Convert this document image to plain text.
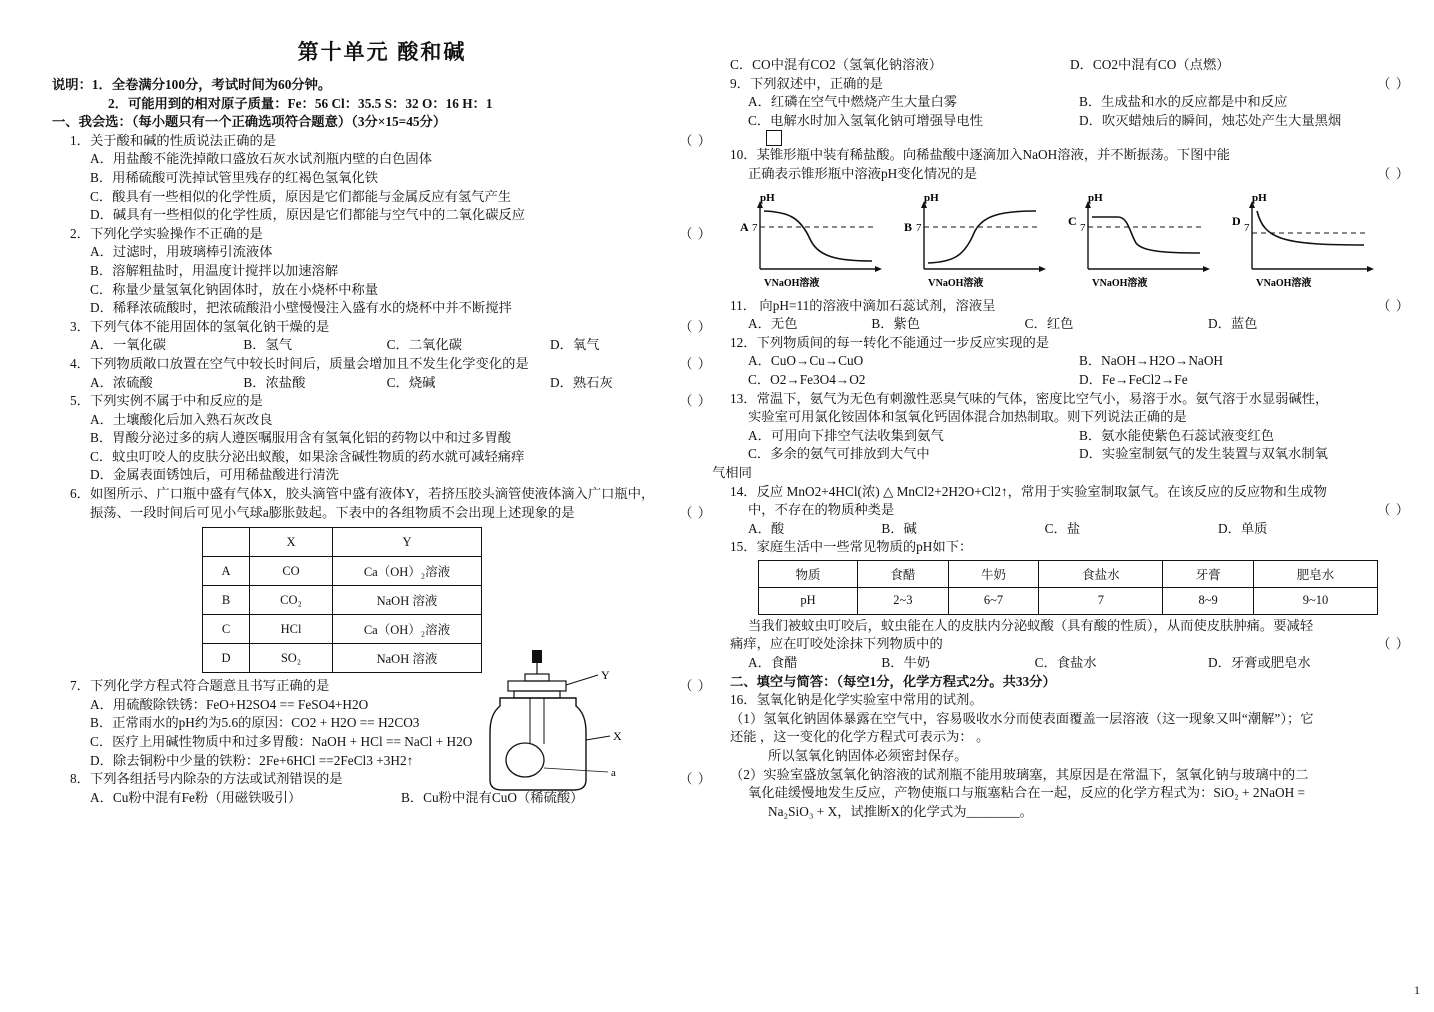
第十单元 酸和碱
说明：1．全卷满分100分，考试时间为60分钟。
2．可能用到的相对原子质量：Fe：56 Cl：35.5 S：32 O：16 H：1
一、我会选：（每小题只有一个正确选项符合题意）（3分×15=45分）
1．关于酸和碱的性质说法正确的是	（ ）
A．用盐酸不能洗掉敞口盛放石灰水试剂瓶内壁的白色固体
B．用稀硫酸可洗掉试管里残存的红褐色氢氧化铁
C．酸具有一些相似的化学性质，原因是它们都能与金属反应有氢气产生
D．碱具有一些相似的化学性质，原因是它们都能与空气中的二氧化碳反应
2．下列化学实验操作不正确的是	（ ）
A．过滤时，用玻璃棒引流液体
B．溶解粗盐时，用温度计搅拌以加速溶解
C．称量少量氢氧化钠固体时，放在小烧杯中称量
D．稀释浓硫酸时，把浓硫酸沿小壁慢慢注入盛有水的烧杯中并不断搅拌
3．下列气体不能用固体的氢氧化钠干燥的是	（ ）
A．一氧化碳	B．氢气	C．二氧化碳	D．氧气
4．下列物质敞口放置在空气中较长时间后，质量会增加且不发生化学变化的是	（ ）
A．浓硫酸	B．浓盐酸	C．烧碱	D．熟石灰
5．下列实例不属于中和反应的是	（ ）
A．土壤酸化后加入熟石灰改良
B．胃酸分泌过多的病人遵医嘱服用含有氢氧化铝的药物以中和过多胃酸
C．蚊虫叮咬人的皮肤分泌出蚁酸，如果涂含碱性物质的药水就可减轻痛痒
D．金属表面锈蚀后，可用稀盐酸进行清洗
6．如图所示、广口瓶中盛有气体X，胶头滴管中盛有液体Y，若挤压胶头滴管使液体滴入广口瓶中，
振荡、一段时间后可见小气球a膨胀鼓起。下表中的各组物质不会出现上述现象的是	（ ）
	X	Y
A	CO	Ca（OH）₂溶液
B	CO₂	NaOH 溶液
C	HCl	Ca（OH）₂溶液
D	SO₂	NaOH 溶液
7．下列化学方程式符合题意且书写正确的是	（ ）
A．用硫酸除铁锈：FeO+H2SO4 == FeSO4+H2O
B．正常雨水的pH约为5.6的原因：CO2 + H2O == H2CO3
C．医疗上用碱性物质中和过多胃酸：NaOH + HCl == NaCl + H2O
D．除去铜粉中少量的铁粉：2Fe+6HCl ==2FeCl3 +3H2↑
8．下列各组括号内除杂的方法或试剂错误的是	（ ）
A．Cu粉中混有Fe粉（用磁铁吸引）	B．Cu粉中混有CuO（稀硫酸）
Y
X
a
C．CO中混有CO2（氢氧化钠溶液）	D．CO2中混有CO（点燃）
9．下列叙述中，正确的是	（ ）
A．红磷在空气中燃烧产生大量白雾	B．生成盐和水的反应都是中和反应
C．电解水时加入氢氧化钠可增强导电性	D．吹灭蜡烛后的瞬间，烛芯处产生大量黑烟
10．某锥形瓶中装有稀盐酸。向稀盐酸中逐滴加入NaOH溶液，并不断振荡。下图中能
正确表示锥形瓶中溶液pH变化情况的是	（ ）
pH
A 7
VNaOH溶液
pH
B 7
VNaOH溶液
pH
C 7
VNaOH溶液
pH
D 7
VNaOH溶液
11． 向pH=11的溶液中滴加石蕊试剂，溶液呈	（ ）
A．无色	B．紫色	C．红色	D．蓝色
12．下列物质间的每一转化不能通过一步反应实现的是
A．CuO→Cu→CuO	B．NaOH→H2O→NaOH
C．O2→Fe3O4→O2	D．Fe→FeCl2→Fe
13．常温下，氨气为无色有刺激性恶臭气味的气体，密度比空气小，易溶于水。氨气溶于水显弱碱性，
实验室可用氯化铵固体和氢氧化钙固体混合加热制取。则下列说法正确的是
A．可用向下排空气法收集到氨气	B．氨水能使紫色石蕊试液变红色
C．多余的氨气可排放到大气中	D．实验室制氨气的发生装置与双氧水制氧
气相同
14．反应 MnO2+4HCl(浓) △ MnCl2+2H2O+Cl2↑，常用于实验室制取氯气。在该反应的反应物和生成物
中，不存在的物质种类是	（ ）
A．酸	B．碱	C．盐	D．单质
15．家庭生活中一些常见物质的pH如下：
物质	食醋	牛奶	食盐水	牙膏	肥皂水
pH	2~3	6~7	7	8~9	9~10
当我们被蚊虫叮咬后，蚊虫能在人的皮肤内分泌蚁酸（具有酸的性质），从而使皮肤肿痛。要减轻
痛痒，应在叮咬处涂抹下列物质中的	（ ）
A．食醋	B．牛奶	C．食盐水	D．牙膏或肥皂水
二、填空与简答：（每空1分，化学方程式2分。共33分）
16．氢氧化钠是化学实验室中常用的试剂。
（1）氢氧化钠固体暴露在空气中，容易吸收水分而使表面覆盖一层溶液（这一现象又叫“潮解”）；它
还能 ，这一变化的化学方程式可表示为： 。
所以氢氧化钠固体必须密封保存。
（2）实验室盛放氢氧化钠溶液的试剂瓶不能用玻璃塞，其原因是在常温下，氢氧化钠与玻璃中的二
氧化硅缓慢地发生反应，产物使瓶口与瓶塞粘合在一起，反应的化学方程式为：SiO₂ + 2NaOH =
Na₂SiO₃ + X，试推断X的化学式为________。
1
